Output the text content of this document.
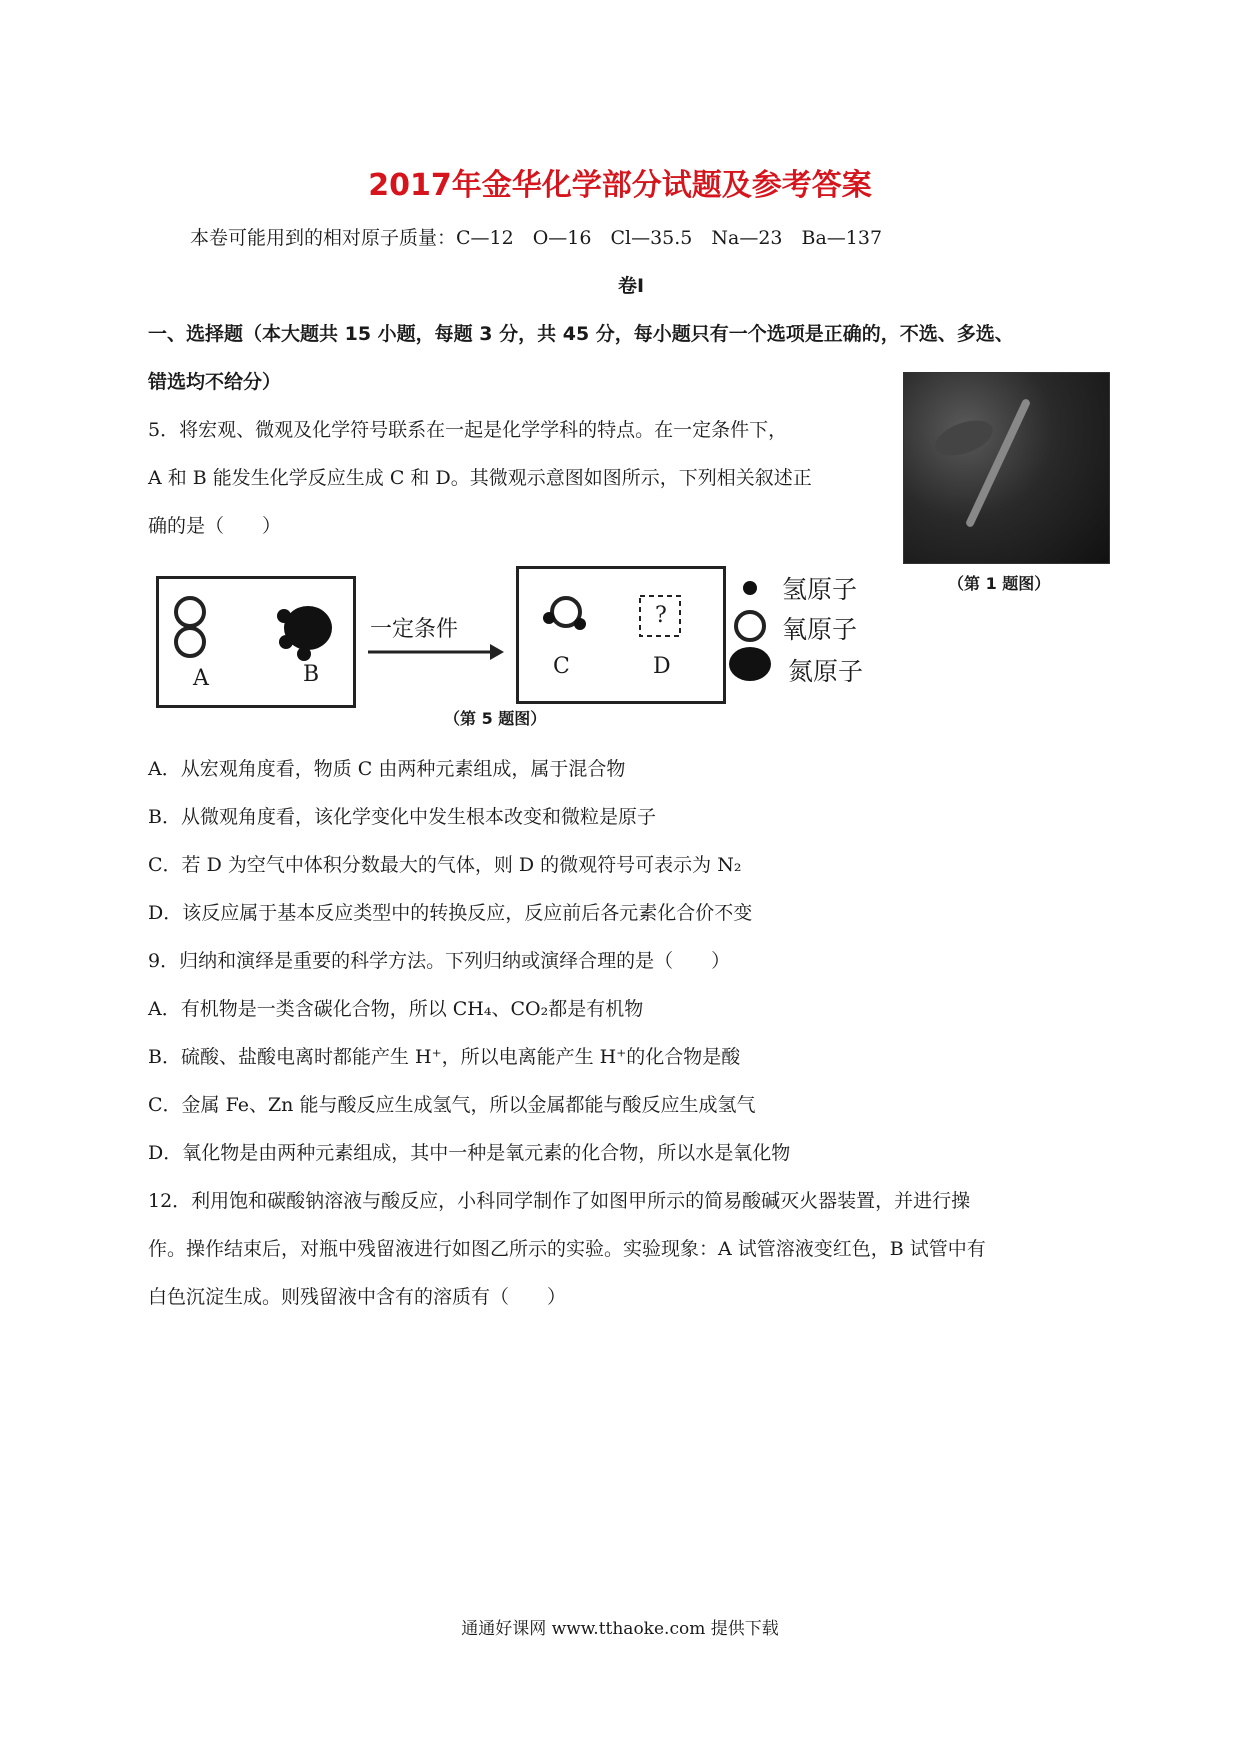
2017年金华化学部分试题及参考答案
本卷可能用到的相对原子质量：C—12　O—16　Cl—35.5　Na—23　Ba—137
卷Ⅰ
一、选择题（本大题共 15 小题，每题 3 分，共 45 分，每小题只有一个选项是正确的，不选、多选、
错选均不给分）
（第 1 题图）
5．将宏观、微观及化学符号联系在一起是化学学科的特点。在一定条件下，
A 和 B 能发生化学反应生成 C 和 D。其微观示意图如图所示，下列相关叙述正
确的是（　　）
A	B
一定条件
?
C	D
氢原子
氧原子
氮原子
（第 5 题图）
A．从宏观角度看，物质 C 由两种元素组成，属于混合物
B．从微观角度看，该化学变化中发生根本改变和微粒是原子
C．若 D 为空气中体积分数最大的气体，则 D 的微观符号可表示为 N₂
D．该反应属于基本反应类型中的转换反应，反应前后各元素化合价不变
9．归纳和演绎是重要的科学方法。下列归纳或演绎合理的是（　　）
A．有机物是一类含碳化合物，所以 CH₄、CO₂都是有机物
B．硫酸、盐酸电离时都能产生 H⁺，所以电离能产生 H⁺的化合物是酸
C．金属 Fe、Zn 能与酸反应生成氢气，所以金属都能与酸反应生成氢气
D．氧化物是由两种元素组成，其中一种是氧元素的化合物，所以水是氧化物
12．利用饱和碳酸钠溶液与酸反应，小科同学制作了如图甲所示的简易酸碱灭火器装置，并进行操
作。操作结束后，对瓶中残留液进行如图乙所示的实验。实验现象：A 试管溶液变红色，B 试管中有
白色沉淀生成。则残留液中含有的溶质有（　　）
通通好课网 www.tthaoke.com 提供下载
